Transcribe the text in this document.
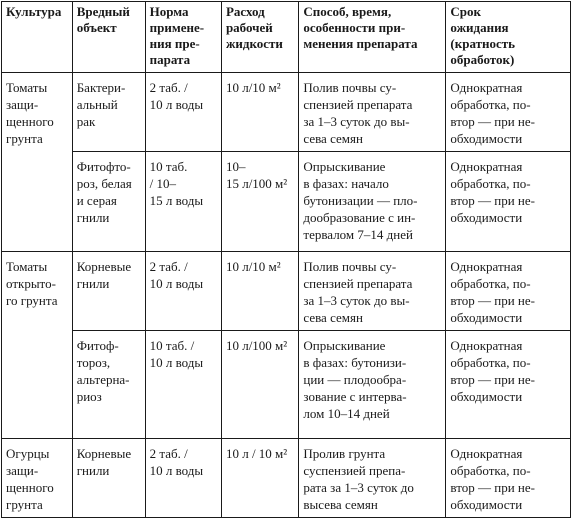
Культура	Вредный
объект	Норма
примене-
ния пре-
парата	Расход
рабочей
жидкости	Способ, время,
особенности при-
менения препарата	Срок
ожидания
(кратность
обработок)

Томаты
защи-
щенного
грунта	Бактери-
альный
рак	2 таб. /
10 л воды	10 л/10 м²	Полив почвы су-
спензией препарата
за 1–3 суток до вы-
сева семян	Однократная
обработка, по-
втор — при не-
обходимости

	Фитофто-
роз, белая
и серая
гнили	10 таб.
/ 10–
15 л воды	10–
15 л/100 м²	Опрыскивание
в фазах: начало
бутонизации — пло-
дообразование с ин-
тервалом 7–14 дней	Однократная
обработка, по-
втор — при не-
обходимости

Томаты
открыто-
го грунта	Корневые
гнили	2 таб. /
10 л воды	10 л/10 м²	Полив почвы су-
спензией препарата
за 1–3 суток до вы-
сева семян	Однократная
обработка, по-
втор — при не-
обходимости

	Фитоф-
тороз,
альтерна-
риоз	10 таб. /
10 л воды	10 л/100 м²	Опрыскивание
в фазах: бутонизи-
ции — плодообра-
зование с интерва-
лом 10–14 дней	Однократная
обработка, по-
втор — при не-
обходимости

Огурцы
защи-
щенного
грунта	Корневые
гнили	2 таб. /
10 л воды	10 л / 10 м²	Пролив грунта
суспензией препа-
рата за 1–3 суток до
высева семян	Однократная
обработка, по-
втор — при не-
обходимости
